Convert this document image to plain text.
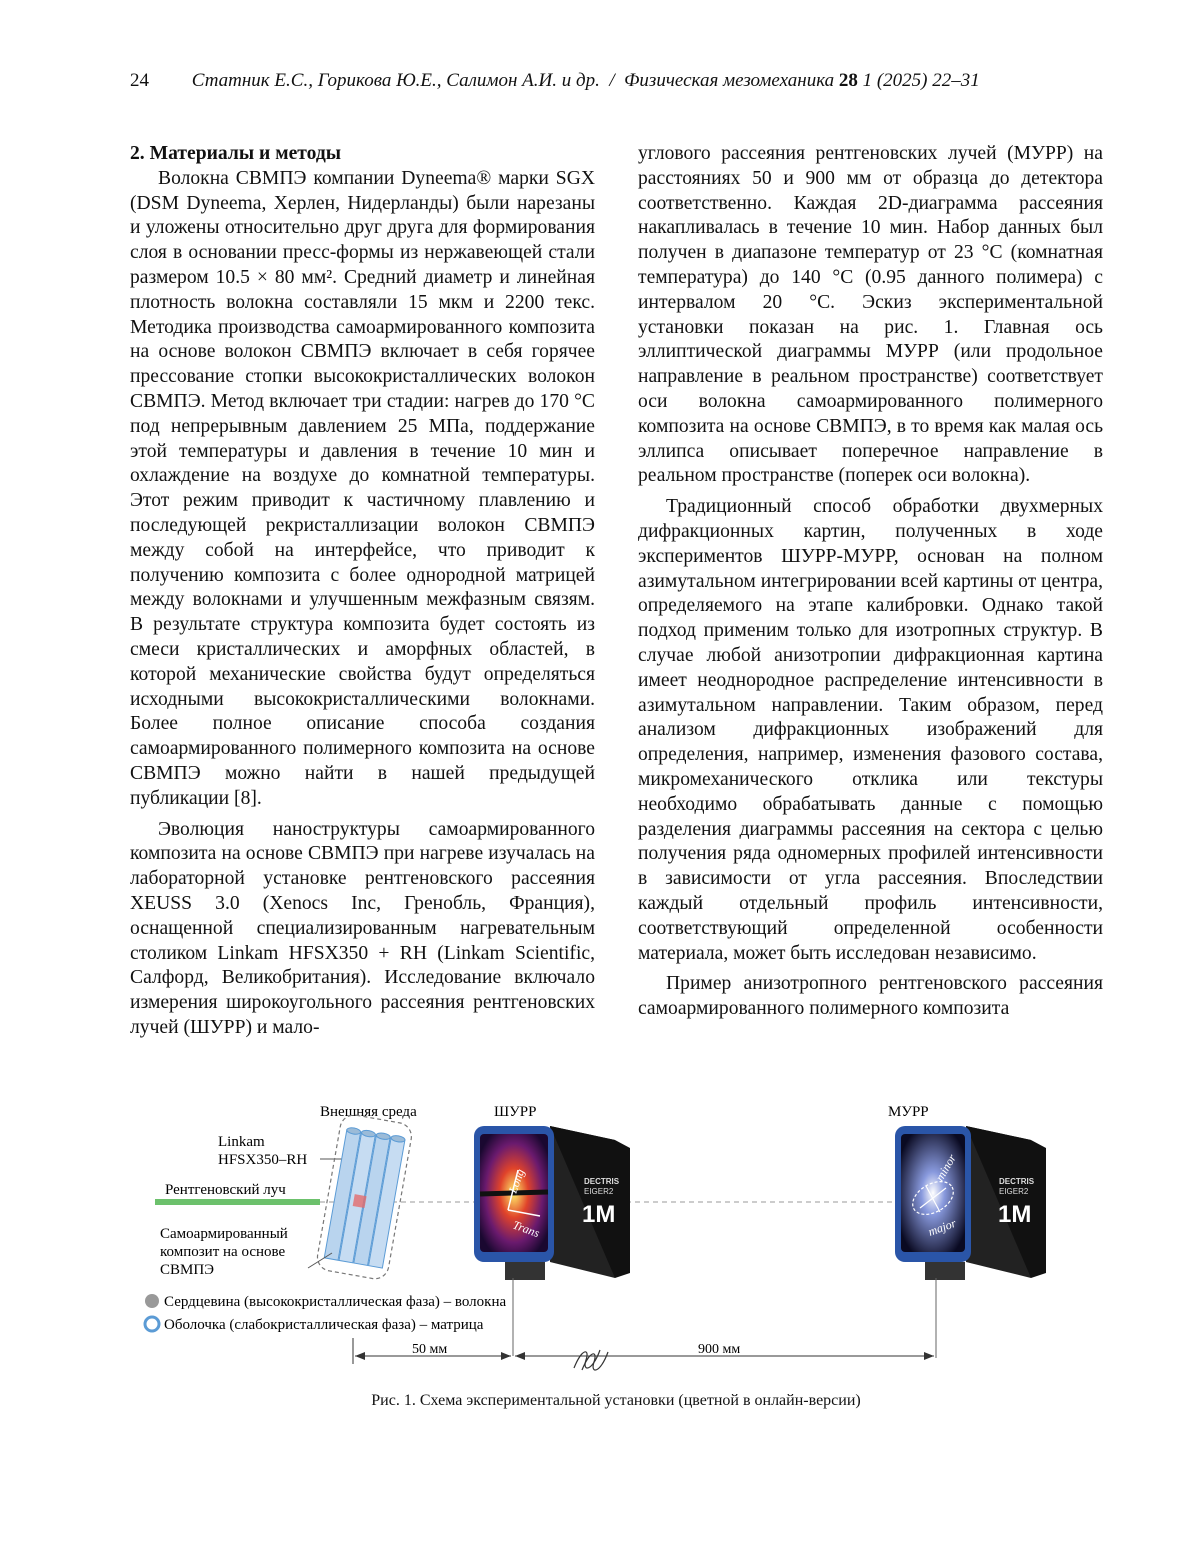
24 Статник Е.С., Горикова Ю.Е., Салимон А.И. и др. / Физическая мезомеханика 28 1 (2025) 22–31
2. Материалы и методы

Волокна СВМПЭ компании Dyneema® марки SGX (DSM Dyneema, Херлен, Нидерланды) были нарезаны и уложены относительно друг друга для формирования слоя в основании пресс-формы из нержавеющей стали размером 10.5 × 80 мм². Средний диаметр и линейная плотность волокна составляли 15 мкм и 2200 текс. Методика производства самоармированного композита на основе волокон СВМПЭ включает в себя горячее прессование стопки высококристаллических волокон СВМПЭ. Метод включает три стадии: нагрев до 170 °С под непрерывным давлением 25 МПа, поддержание этой температуры и давления в течение 10 мин и охлаждение на воздухе до комнатной температуры. Этот режим приводит к частичному плавлению и последующей рекристаллизации волокон СВМПЭ между собой на интерфейсе, что приводит к получению композита с более однородной матрицей между волокнами и улучшенным межфазным связям. В результате структура композита будет состоять из смеси кристаллических и аморфных областей, в которой механические свойства будут определяться исходными высококристаллическими волокнами. Более полное описание способа создания самоармированного полимерного композита на основе СВМПЭ можно найти в нашей предыдущей публикации [8].

Эволюция наноструктуры самоармированного композита на основе СВМПЭ при нагреве изучалась на лабораторной установке рентгеновского рассеяния XEUSS 3.0 (Xenocs Inc, Гренобль, Франция), оснащенной специализированным нагревательным столиком Linkam HFSX350 + RH (Linkam Scientific, Салфорд, Великобритания). Исследование включало измерения широкоугольного рассеяния рентгеновских лучей (ШУРР) и мало-

углового рассеяния рентгеновских лучей (МУРР) на расстояниях 50 и 900 мм от образца до детектора соответственно. Каждая 2D-диаграмма рассеяния накапливалась в течение 10 мин. Набор данных был получен в диапазоне температур от 23 °С (комнатная температура) до 140 °С (0.95 данного полимера) с интервалом 20 °С. Эскиз экспериментальной установки показан на рис. 1. Главная ось эллиптической диаграммы МУРР (или продольное направление в реальном пространстве) соответствует оси волокна самоармированного полимерного композита на основе СВМПЭ, в то время как малая ось эллипса описывает поперечное направление в реальном пространстве (поперек оси волокна).

Традиционный способ обработки двухмерных дифракционных картин, полученных в ходе экспериментов ШУРР-МУРР, основан на полном азимутальном интегрировании всей картины от центра, определяемого на этапе калибровки. Однако такой подход применим только для изотропных структур. В случае любой анизотропии дифракционная картина имеет неоднородное распределение интенсивности в азимутальном направлении. Таким образом, перед анализом дифракционных изображений для определения, например, изменения фазового состава, микромеханического отклика или текстуры необходимо обрабатывать данные с помощью разделения диаграммы рассеяния на сектора с целью получения ряда одномерных профилей интенсивности в зависимости от угла рассеяния. Впоследствии каждый отдельный профиль интенсивности, соответствующий определенной особенности материала, может быть исследован независимо.

Пример анизотропного рентгеновского рассеяния самоармированного полимерного композита

Рентгеновский луч
Linkam
HFSX350–RH
Внешняя среда
Самоармированный
композит на основе
СВМПЭ
ШУРР
Long
Trans
DECTRIS
EIGER2
1M
МУРР
minor
major
DECTRIS
EIGER2
1M
Сердцевина (высококристаллическая фаза) – волокна
Оболочка (слабокристаллическая фаза) – матрица
50 мм	900 мм
Рис. 1. Схема экспериментальной установки (цветной в онлайн-версии)
